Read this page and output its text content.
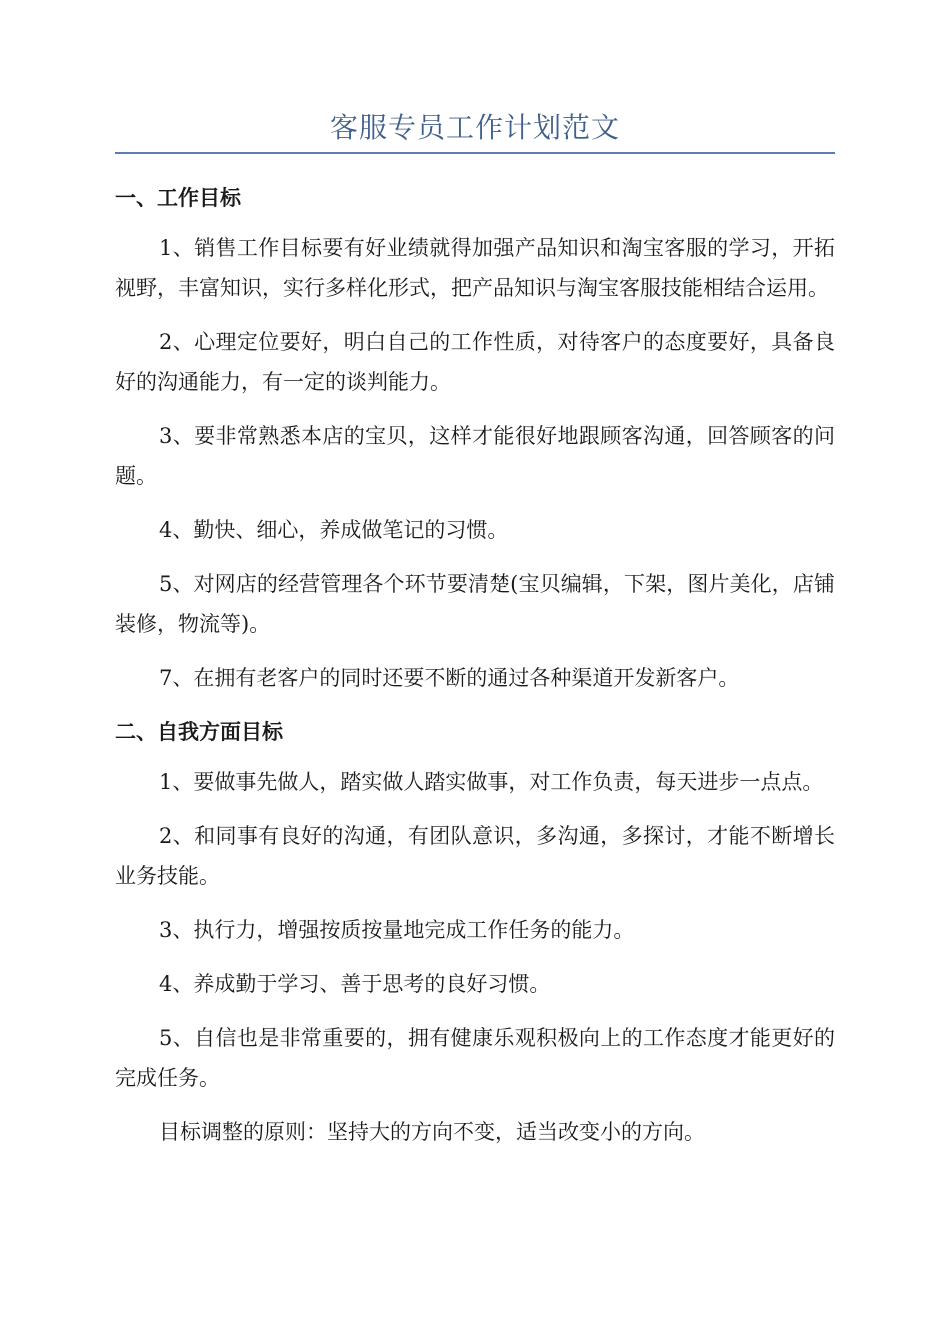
客服专员工作计划范文
一、工作目标

1、销售工作目标要有好业绩就得加强产品知识和淘宝客服的学习，开拓视野，丰富知识，实行多样化形式，把产品知识与淘宝客服技能相结合运用。

2、心理定位要好，明白自己的工作性质，对待客户的态度要好，具备良好的沟通能力，有一定的谈判能力。

3、要非常熟悉本店的宝贝，这样才能很好地跟顾客沟通，回答顾客的问题。

4、勤快、细心，养成做笔记的习惯。

5、对网店的经营管理各个环节要清楚(宝贝编辑，下架，图片美化，店铺装修，物流等)。

7、在拥有老客户的同时还要不断的通过各种渠道开发新客户。

二、自我方面目标

1、要做事先做人，踏实做人踏实做事，对工作负责，每天进步一点点。

2、和同事有良好的沟通，有团队意识，多沟通，多探讨，才能不断增长业务技能。

3、执行力，增强按质按量地完成工作任务的能力。

4、养成勤于学习、善于思考的良好习惯。

5、自信也是非常重要的，拥有健康乐观积极向上的工作态度才能更好的完成任务。

目标调整的原则：坚持大的方向不变，适当改变小的方向。
